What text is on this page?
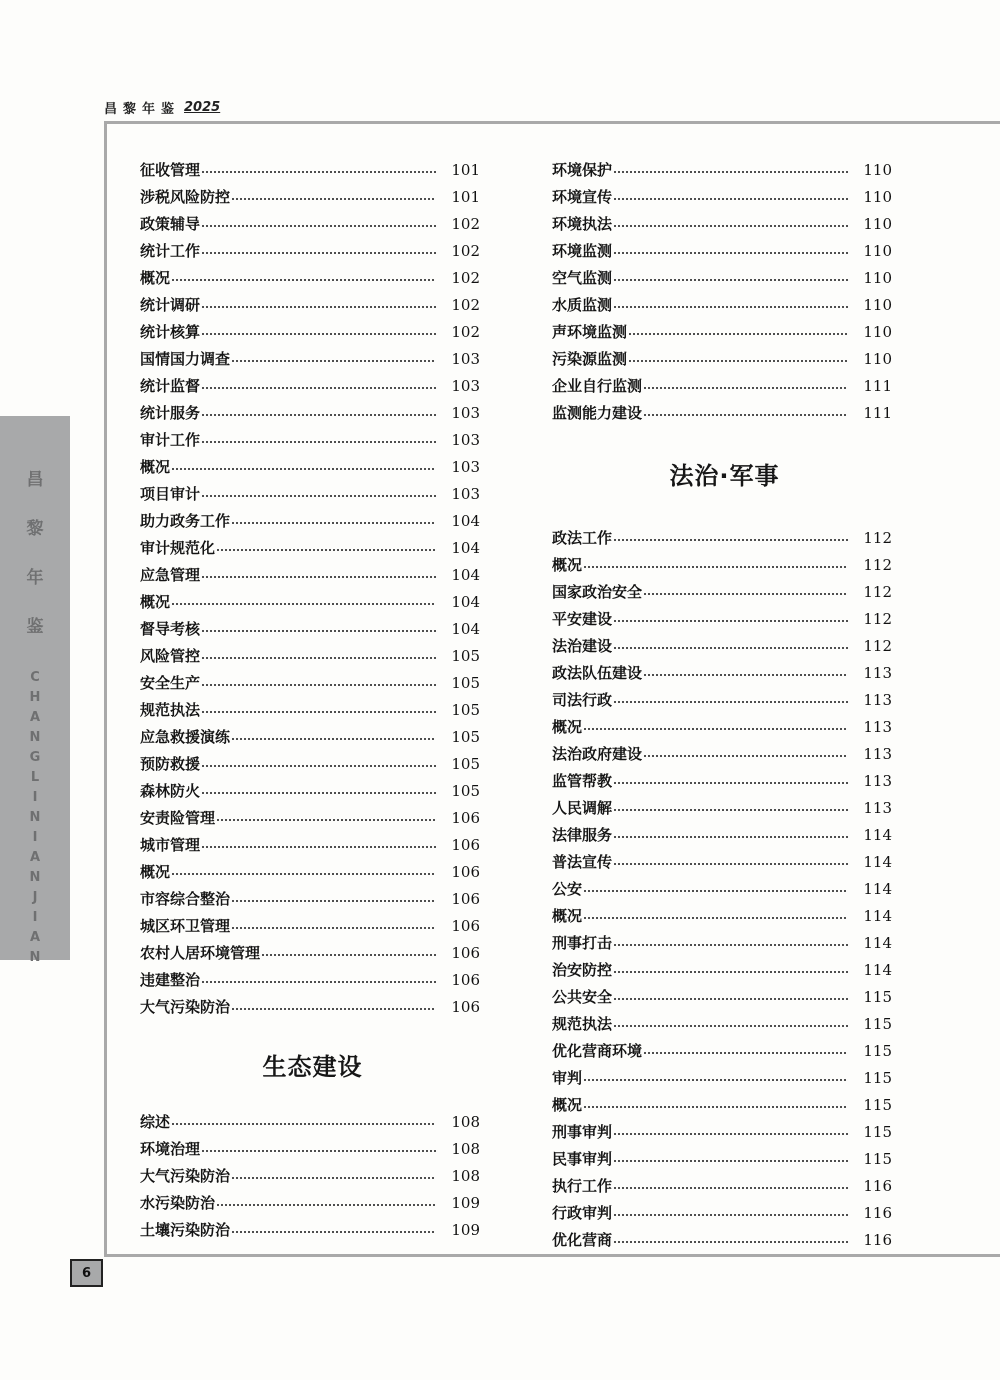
昌黎年鉴 2025
昌
黎
年
鉴
C
H
A
N
G
L
I
N
I
A
N
J
I
A
N
6
征收管理	101
涉税风险防控	101
政策辅导	102
统计工作	102
概况	102
统计调研	102
统计核算	102
国情国力调查	103
统计监督	103
统计服务	103
审计工作	103
概况	103
项目审计	103
助力政务工作	104
审计规范化	104
应急管理	104
概况	104
督导考核	104
风险管控	105
安全生产	105
规范执法	105
应急救援演练	105
预防救援	105
森林防火	105
安责险管理	106
城市管理	106
概况	106
市容综合整治	106
城区环卫管理	106
农村人居环境管理	106
违建整治	106
大气污染防治	106
生态建设
综述	108
环境治理	108
大气污染防治	108
水污染防治	109
土壤污染防治	109
环境保护	110
环境宣传	110
环境执法	110
环境监测	110
空气监测	110
水质监测	110
声环境监测	110
污染源监测	110
企业自行监测	111
监测能力建设	111
法治·军事
政法工作	112
概况	112
国家政治安全	112
平安建设	112
法治建设	112
政法队伍建设	113
司法行政	113
概况	113
法治政府建设	113
监管帮教	113
人民调解	113
法律服务	114
普法宣传	114
公安	114
概况	114
刑事打击	114
治安防控	114
公共安全	115
规范执法	115
优化营商环境	115
审判	115
概况	115
刑事审判	115
民事审判	115
执行工作	116
行政审判	116
优化营商	116
